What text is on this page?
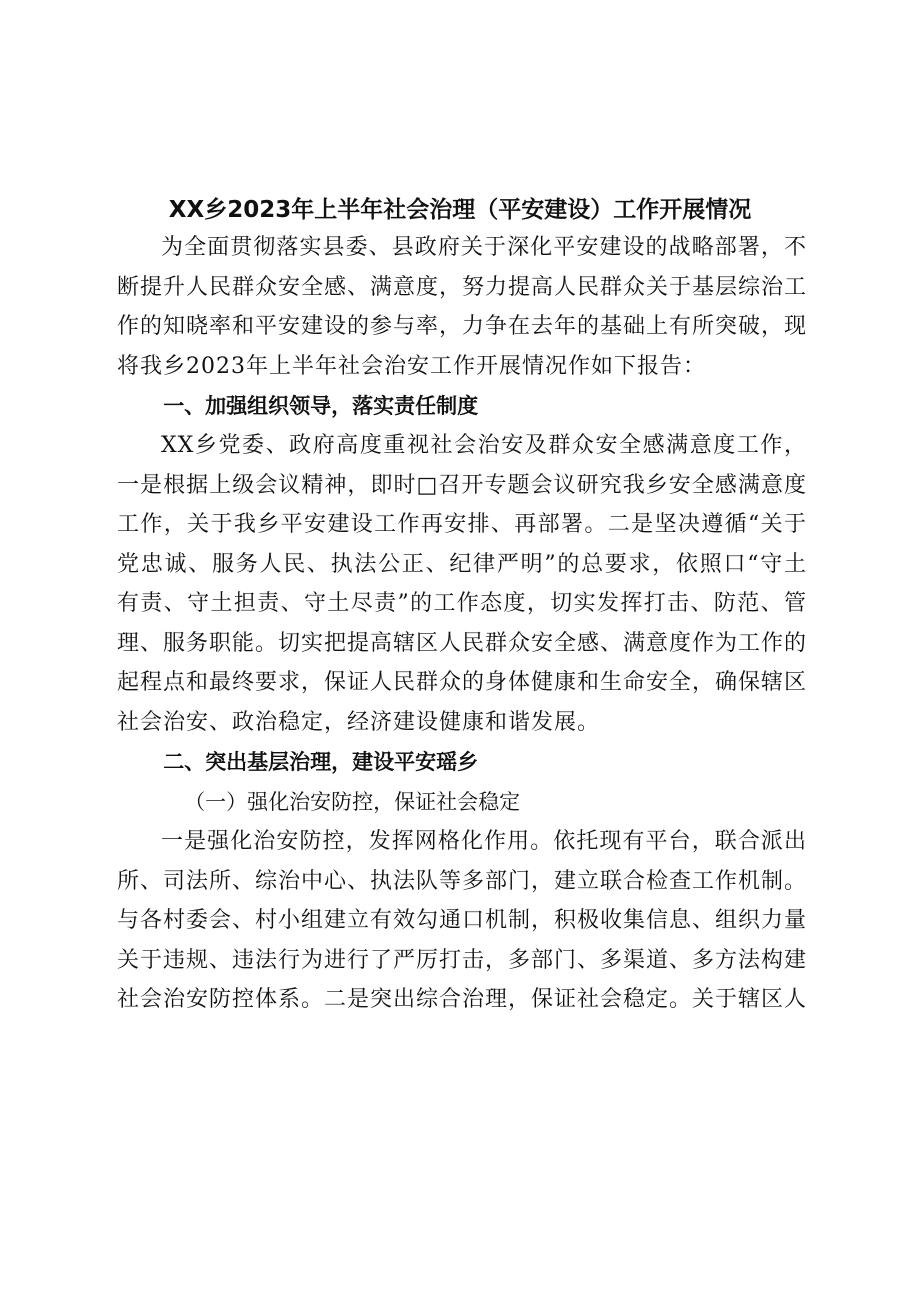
XX乡2023年上半年社会治理（平安建设）工作开展情况

为全面贯彻落实县委、县政府关于深化平安建设的战略部署，不断提升人民群众安全感、满意度，努力提高人民群众关于基层综治工作的知晓率和平安建设的参与率，力争在去年的基础上有所突破，现将我乡2023年上半年社会治安工作开展情况作如下报告：

一、加强组织领导，落实责任制度

XX乡党委、政府高度重视社会治安及群众安全感满意度工作，一是根据上级会议精神，即时□召开专题会议研究我乡安全感满意度工作，关于我乡平安建设工作再安排、再部署。二是坚决遵循“关于党忠诚、服务人民、执法公正、纪律严明”的总要求，依照口“守土有责、守土担责、守土尽责”的工作态度，切实发挥打击、防范、管理、服务职能。切实把提高辖区人民群众安全感、满意度作为工作的起程点和最终要求，保证人民群众的身体健康和生命安全，确保辖区社会治安、政治稳定，经济建设健康和谐发展。

二、突出基层治理，建设平安瑶乡

（一）强化治安防控，保证社会稳定

一是强化治安防控，发挥网格化作用。依托现有平台，联合派出所、司法所、综治中心、执法队等多部门，建立联合检查工作机制。与各村委会、村小组建立有效勾通口机制，积极收集信息、组织力量关于违规、违法行为进行了严厉打击，多部门、多渠道、多方法构建社会治安防控体系。二是突出综合治理，保证社会稳定。关于辖区人
